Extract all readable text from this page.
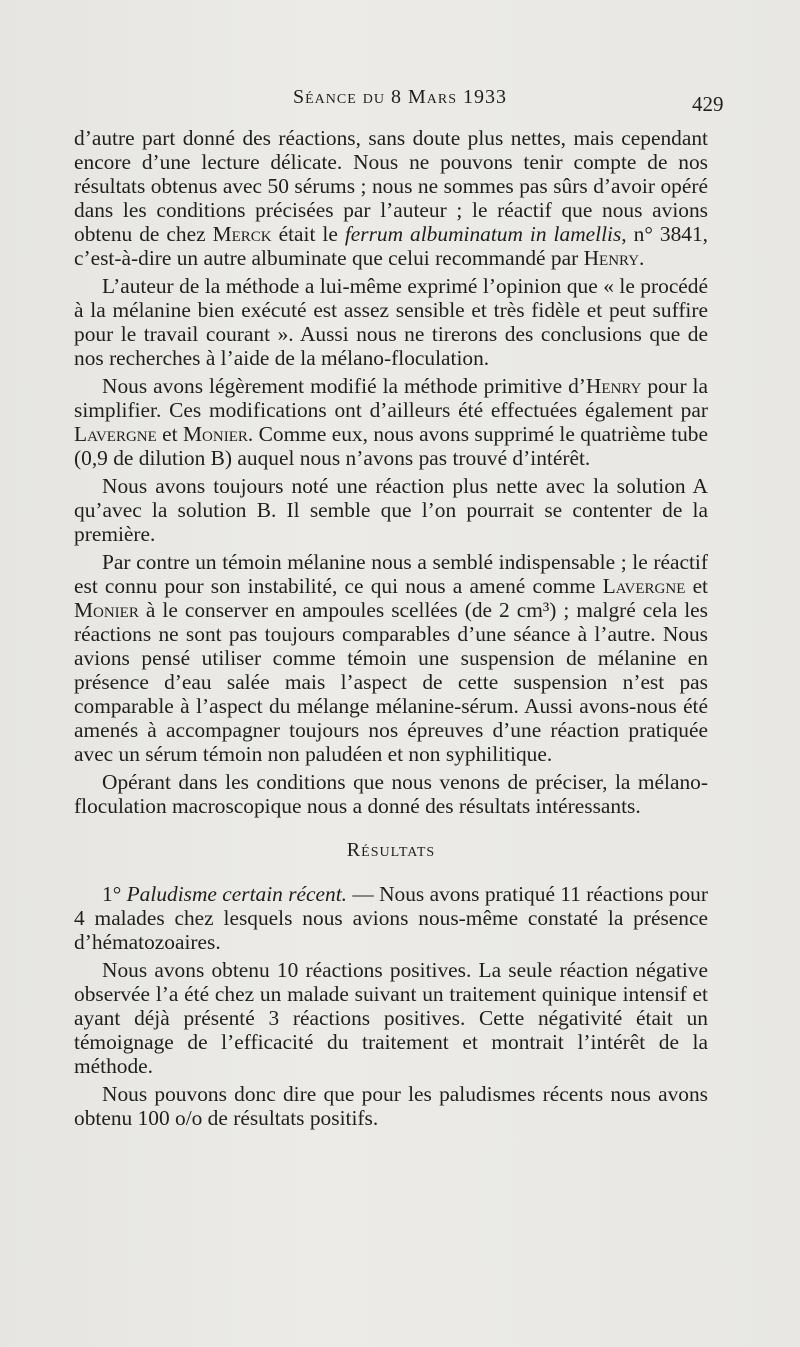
Séance du 8 Mars 1933	429

d’autre part donné des réactions, sans doute plus nettes, mais cependant encore d’une lecture délicate. Nous ne pouvons tenir compte de nos résultats obtenus avec 50 sérums ; nous ne sommes pas sûrs d’avoir opéré dans les conditions précisées par l’auteur ; le réactif que nous avions obtenu de chez Merck était le ferrum albuminatum in lamellis, n° 3841, c’est-à-dire un autre albuminate que celui recommandé par Henry.

L’auteur de la méthode a lui-même exprimé l’opinion que « le procédé à la mélanine bien exécuté est assez sensible et très fidèle et peut suffire pour le travail courant ». Aussi nous ne tirerons des conclusions que de nos recherches à l’aide de la mélano-floculation.

Nous avons légèrement modifié la méthode primitive d’Henry pour la simplifier. Ces modifications ont d’ailleurs été effectuées également par Lavergne et Monier. Comme eux, nous avons supprimé le quatrième tube (0,9 de dilution B) auquel nous n’avons pas trouvé d’intérêt.

Nous avons toujours noté une réaction plus nette avec la solution A qu’avec la solution B. Il semble que l’on pourrait se contenter de la première.

Par contre un témoin mélanine nous a semblé indispensable ; le réactif est connu pour son instabilité, ce qui nous a amené comme Lavergne et Monier à le conserver en ampoules scellées (de 2 cm³) ; malgré cela les réactions ne sont pas toujours comparables d’une séance à l’autre. Nous avions pensé utiliser comme témoin une suspension de mélanine en présence d’eau salée mais l’aspect de cette suspension n’est pas comparable à l’aspect du mélange mélanine-sérum. Aussi avons-nous été amenés à accompagner toujours nos épreuves d’une réaction pratiquée avec un sérum témoin non paludéen et non syphilitique.

Opérant dans les conditions que nous venons de préciser, la mélano-floculation macroscopique nous a donné des résultats intéressants.

Résultats

1° Paludisme certain récent. — Nous avons pratiqué 11 réactions pour 4 malades chez lesquels nous avions nous-même constaté la présence d’hématozoaires.

Nous avons obtenu 10 réactions positives. La seule réaction négative observée l’a été chez un malade suivant un traitement quinique intensif et ayant déjà présenté 3 réactions positives. Cette négativité était un témoignage de l’efficacité du traitement et montrait l’intérêt de la méthode.

Nous pouvons donc dire que pour les paludismes récents nous avons obtenu 100 o/o de résultats positifs.
